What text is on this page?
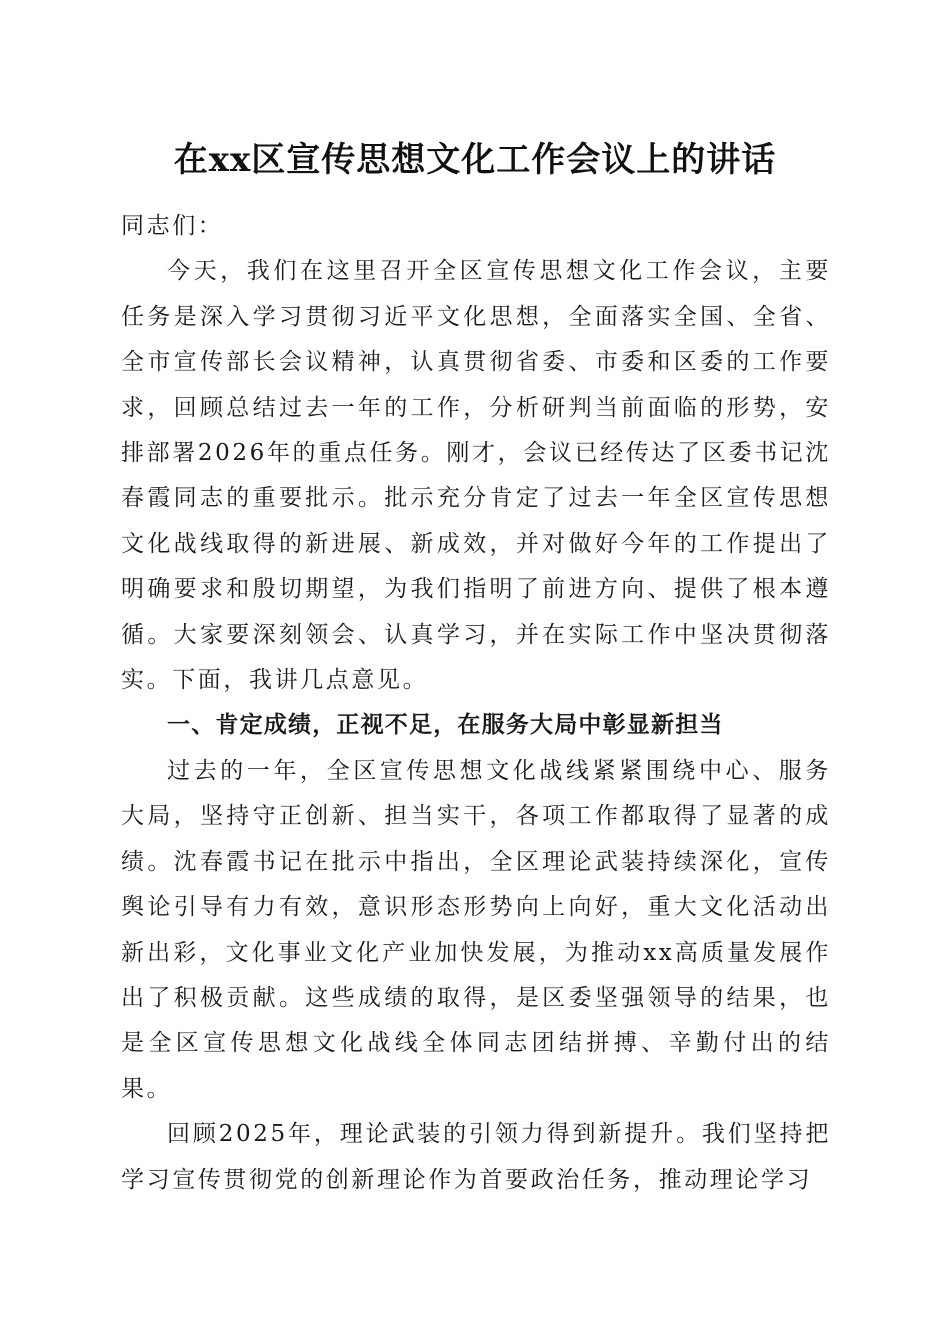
在xx区宣传思想文化工作会议上的讲话

同志们：

今天，我们在这里召开全区宣传思想文化工作会议，主要任务是深入学习贯彻习近平文化思想，全面落实全国、全省、全市宣传部长会议精神，认真贯彻省委、市委和区委的工作要求，回顾总结过去一年的工作，分析研判当前面临的形势，安排部署2026年的重点任务。刚才，会议已经传达了区委书记沈春霞同志的重要批示。批示充分肯定了过去一年全区宣传思想文化战线取得的新进展、新成效，并对做好今年的工作提出了明确要求和殷切期望，为我们指明了前进方向、提供了根本遵循。大家要深刻领会、认真学习，并在实际工作中坚决贯彻落实。下面，我讲几点意见。

一、肯定成绩，正视不足，在服务大局中彰显新担当

过去的一年，全区宣传思想文化战线紧紧围绕中心、服务大局，坚持守正创新、担当实干，各项工作都取得了显著的成绩。沈春霞书记在批示中指出，全区理论武装持续深化，宣传舆论引导有力有效，意识形态形势向上向好，重大文化活动出新出彩，文化事业文化产业加快发展，为推动xx高质量发展作出了积极贡献。这些成绩的取得，是区委坚强领导的结果，也是全区宣传思想文化战线全体同志团结拼搏、辛勤付出的结果。

回顾2025年，理论武装的引领力得到新提升。我们坚持把学习宣传贯彻党的创新理论作为首要政治任务，推动理论学习
